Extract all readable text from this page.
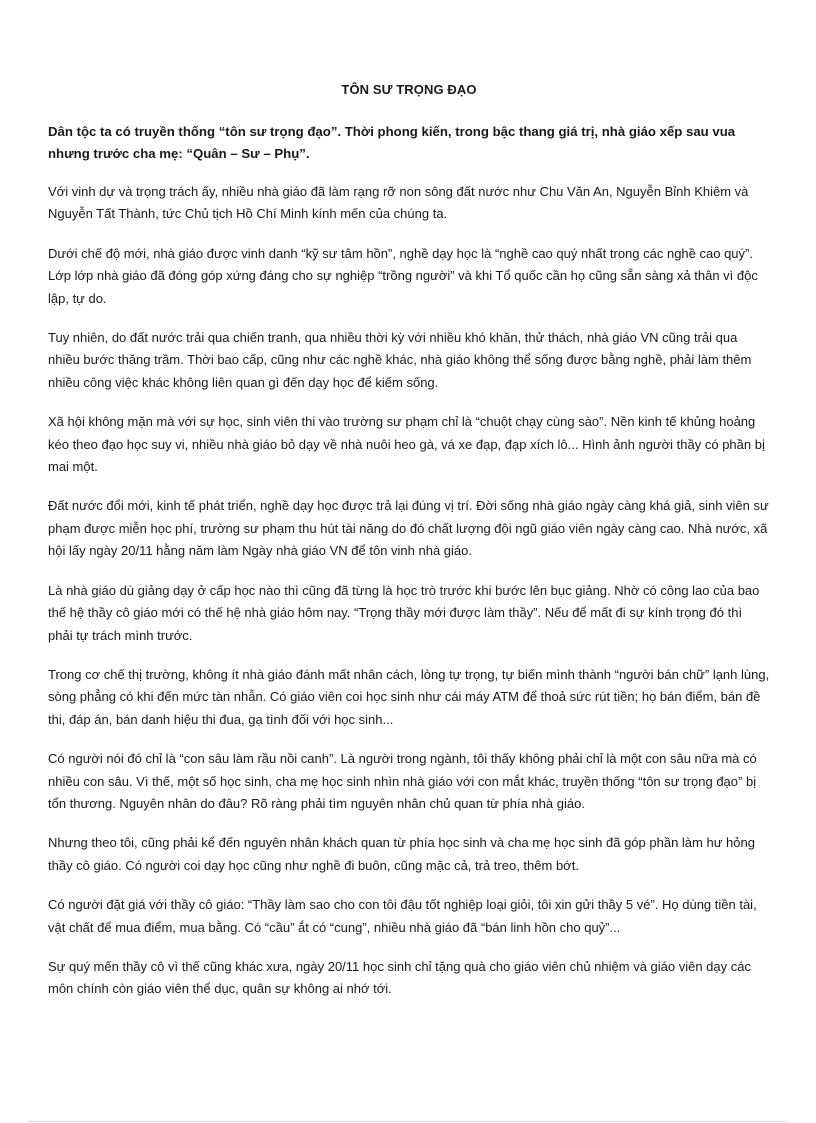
TÔN SƯ TRỌNG ĐẠO

Dân tộc ta có truyền thống “tôn sư trọng đạo”. Thời phong kiến, trong bậc thang giá trị, nhà giáo xếp sau vua nhưng trước cha mẹ: “Quân – Sư – Phụ”.

Với vinh dự và trọng trách ấy, nhiều nhà giáo đã làm rạng rỡ non sông đất nước như Chu Văn An, Nguyễn Bỉnh Khiêm và Nguyễn Tất Thành, tức Chủ tịch Hồ Chí Minh kính mến của chúng ta.

Dưới chế độ mới, nhà giáo được vinh danh “kỹ sư tâm hồn”, nghề dạy học là “nghề cao quý nhất trong các nghề cao quý”. Lớp lớp nhà giáo đã đóng góp xứng đáng cho sự nghiệp “trồng người” và khi Tổ quốc cần họ cũng sẵn sàng xả thân vì độc lập, tự do.

Tuy nhiên, do đất nước trải qua chiến tranh, qua nhiều thời kỳ với nhiều khó khăn, thử thách, nhà giáo VN cũng trải qua nhiều bước thăng trầm. Thời bao cấp, cũng như các nghề khác, nhà giáo không thể sống được bằng nghề, phải làm thêm nhiều công việc khác không liên quan gì đến dạy học để kiếm sống.

Xã hội không mặn mà với sự học, sinh viên thi vào trường sư phạm chỉ là “chuột chạy cùng sào”. Nền kinh tế khủng hoảng kéo theo đạo học suy vi, nhiều nhà giáo bỏ dạy về nhà nuôi heo gà, vá xe đạp, đạp xích lô... Hình ảnh người thầy có phần bị mai một.

Đất nước đổi mới, kinh tế phát triển, nghề dạy học được trả lại đúng vị trí. Đời sống nhà giáo ngày càng khá giả, sinh viên sư phạm được miễn học phí, trường sư phạm thu hút tài năng do đó chất lượng đội ngũ giáo viên ngày càng cao. Nhà nước, xã hội lấy ngày 20/11 hằng năm làm Ngày nhà giáo VN để tôn vinh nhà giáo.

Là nhà giáo dù giảng dạy ở cấp học nào thì cũng đã từng là học trò trước khi bước lên bục giảng. Nhờ có công lao của bao thế hệ thầy cô giáo mới có thế hệ nhà giáo hôm nay. “Trọng thầy mới được làm thầy”. Nếu để mất đi sự kính trọng đó thì phải tự trách mình trước.

Trong cơ chế thị trường, không ít nhà giáo đánh mất nhân cách, lòng tự trọng, tự biến mình thành “người bán chữ” lạnh lùng, sòng phẳng có khi đến mức tàn nhẫn. Có giáo viên coi học sinh như cái máy ATM để thoả sức rút tiền; họ bán điểm, bán đề thi, đáp án, bán danh hiệu thi đua, gạ tình đối với học sinh...

Có người nói đó chỉ là “con sâu làm rầu nồi canh”. Là người trong ngành, tôi thấy không phải chỉ là một con sâu nữa mà có nhiều con sâu. Vì thế, một số học sinh, cha mẹ học sinh nhìn nhà giáo với con mắt khác, truyền thống “tôn sư trọng đạo” bị tổn thương. Nguyên nhân do đâu? Rõ ràng phải tìm nguyên nhân chủ quan từ phía nhà giáo.

Nhưng theo tôi, cũng phải kể đến nguyên nhân khách quan từ phía học sinh và cha mẹ học sinh đã góp phần làm hư hỏng thầy cô giáo. Có người coi dạy học cũng như nghề đi buôn, cũng mặc cả, trả treo, thêm bớt.

Có người đặt giá với thầy cô giáo: “Thầy làm sao cho con tôi đậu tốt nghiệp loại giỏi, tôi xin gửi thầy 5 vé”. Họ dùng tiền tài, vật chất để mua điểm, mua bằng. Có “cầu” ắt có “cung”, nhiều nhà giáo đã “bán linh hồn cho quỷ”...

Sự quý mến thầy cô vì thế cũng khác xưa, ngày 20/11 học sinh chỉ tặng quà cho giáo viên chủ nhiệm và giáo viên dạy các môn chính còn giáo viên thể dục, quân sự không ai nhớ tới.
